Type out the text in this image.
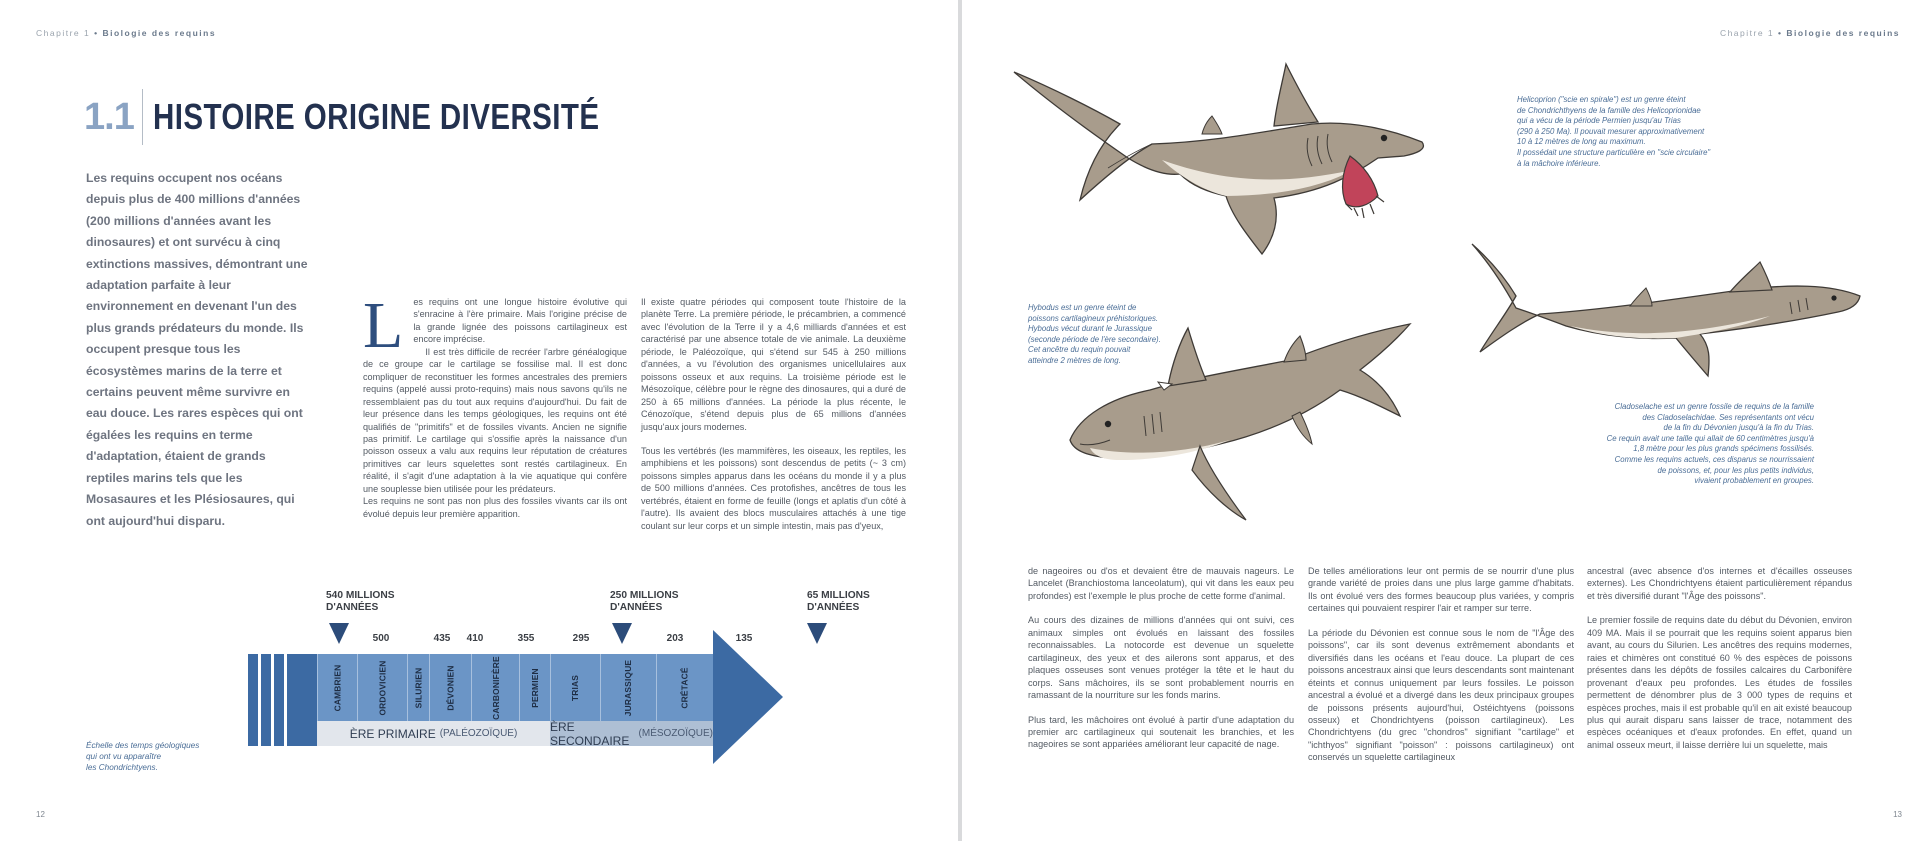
Chapitre 1 • Biologie des requins
1.1 HISTOIRE ORIGINE DIVERSITÉ

Les requins occupent nos océans depuis plus de 400 millions d'années (200 millions d'années avant les dinosaures) et ont survécu à cinq extinctions massives, démontrant une adaptation parfaite à leur environnement en devenant l'un des plus grands prédateurs du monde. Ils occupent presque tous les écosystèmes marins de la terre et certains peuvent même survivre en eau douce. Les rares espèces qui ont égalées les requins en terme d'adaptation, étaient de grands reptiles marins tels que les Mosasaures et les Plésiosaures, qui ont aujourd'hui disparu.

L es requins ont une longue histoire évolutive qui s'enracine à l'ère primaire. Mais l'origine précise de la grande lignée des poissons cartilagineux est encore imprécise.

Il est très difficile de recréer l'arbre généalogique de ce groupe car le cartilage se fossilise mal. Il est donc compliquer de reconstituer les formes ancestrales des premiers requins (appelé aussi proto-requins) mais nous savons qu'ils ne ressemblaient pas du tout aux requins d'aujourd'hui. Du fait de leur présence dans les temps géologiques, les requins ont été qualifiés de "primitifs" et de fossiles vivants. Ancien ne signifie pas primitif. Le cartilage qui s'ossifie après la naissance d'un poisson osseux a valu aux requins leur réputation de créatures primitives car leurs squelettes sont restés cartilagineux. En réalité, il s'agit d'une adaptation à la vie aquatique qui confère une souplesse bien utilisée pour les prédateurs.

Les requins ne sont pas non plus des fossiles vivants car ils ont évolué depuis leur première apparition.

Il existe quatre périodes qui composent toute l'histoire de la planète Terre. La première période, le précambrien, a commencé avec l'évolution de la Terre il y a 4,6 milliards d'années et est caractérisé par une absence totale de vie animale. La deuxième période, le Paléozoïque, qui s'étend sur 545 à 250 millions d'années, a vu l'évolution des organismes unicellulaires aux poissons osseux et aux requins. La troisième période est le Mésozoïque, célèbre pour le règne des dinosaures, qui a duré de 250 à 65 millions d'années. La période la plus récente, le Cénozoïque, s'étend depuis plus de 65 millions d'années jusqu'aux jours modernes.

Tous les vertébrés (les mammifères, les oiseaux, les reptiles, les amphibiens et les poissons) sont descendus de petits (~ 3 cm) poissons simples apparus dans les océans du monde il y a plus de 500 millions d'années. Ces protofishes, ancêtres de tous les vertébrés, étaient en forme de feuille (longs et aplatis d'un côté à l'autre). Ils avaient des blocs musculaires attachés à une tige coulant sur leur corps et un simple intestin, mais pas d'yeux,

540 MILLIONS
D'ANNÉES
250 MILLIONS
D'ANNÉES
65 MILLIONS
D'ANNÉES
500	435 410	355	295	203	135
CAMBRIEN	ORDOVICIEN	SILURIEN	DÉVONIEN	CARBONIFÈRE	PERMIEN	TRIAS	JURASSIQUE	CRÉTACÉ
ÈRE PRIMAIRE (PALÉOZOÏQUE)	ÈRE SECONDAIRE (MÉSOZOÏQUE)
Échelle des temps géologiques
qui ont vu apparaître
les Chondrichtyens.
12
Chapitre 1 • Biologie des requins
Helicoprion ("scie en spirale") est un genre éteint
de Chondrichthyens de la famille des Helicoprionidae
qui a vécu de la période Permien jusqu'au Trias
(290 à 250 Ma). Il pouvait mesurer approximativement
10 à 12 mètres de long au maximum.
Il possédait une structure particulière en "scie circulaire"
à la mâchoire inférieure.
Hybodus est un genre éteint de
poissons cartilagineux préhistoriques.
Hybodus vécut durant le Jurassique
(seconde période de l'ère secondaire).
Cet ancêtre du requin pouvait
atteindre 2 mètres de long.
Cladoselache est un genre fossile de requins de la famille
des Cladoselachidae. Ses représentants ont vécu
de la fin du Dévonien jusqu'à la fin du Trias.
Ce requin avait une taille qui allait de 60 centimètres jusqu'à
1,8 mètre pour les plus grands spécimens fossilisés.
Comme les requins actuels, ces disparus se nourrissaient
de poissons, et, pour les plus petits individus,
vivaient probablement en groupes.

de nageoires ou d'os et devaient être de mauvais nageurs. Le Lancelet (Branchiostoma lanceolatum), qui vit dans les eaux peu profondes) est l'exemple le plus proche de cette forme d'animal.

Au cours des dizaines de millions d'années qui ont suivi, ces animaux simples ont évolués en laissant des fossiles reconnaissables. La notocorde est devenue un squelette cartilagineux, des yeux et des ailerons sont apparus, et des plaques osseuses sont venues protéger la tête et le haut du corps. Sans mâchoires, ils se sont probablement nourris en ramassant de la nourriture sur les fonds marins.

Plus tard, les mâchoires ont évolué à partir d'une adaptation du premier arc cartilagineux qui soutenait les branchies, et les nageoires se sont appariées améliorant leur capacité de nage.

De telles améliorations leur ont permis de se nourrir d'une plus grande variété de proies dans une plus large gamme d'habitats. Ils ont évolué vers des formes beaucoup plus variées, y compris certaines qui pouvaient respirer l'air et ramper sur terre.

La période du Dévonien est connue sous le nom de "l'Âge des poissons", car ils sont devenus extrêmement abondants et diversifiés dans les océans et l'eau douce. La plupart de ces poissons ancestraux ainsi que leurs descendants sont maintenant éteints et connus uniquement par leurs fossiles. Le poisson ancestral a évolué et a divergé dans les deux principaux groupes de poissons présents aujourd'hui, Ostéichtyens (poissons osseux) et Chondrichtyens (poisson cartilagineux). Les Chondrichtyens (du grec "chondros" signifiant "cartilage" et "ichthyos" signifiant "poisson" : poissons cartilagineux) ont conservés un squelette cartilagineux

ancestral (avec absence d'os internes et d'écailles osseuses externes). Les Chondrichtyens étaient particulièrement répandus et très diversifié durant "l'Âge des poissons".

Le premier fossile de requins date du début du Dévonien, environ 409 MA. Mais il se pourrait que les requins soient apparus bien avant, au cours du Silurien. Les ancêtres des requins modernes, raies et chimères ont constitué 60 % des espèces de poissons présentes dans les dépôts de fossiles calcaires du Carbonifère provenant d'eaux peu profondes. Les études de fossiles permettent de dénombrer plus de 3 000 types de requins et espèces proches, mais il est probable qu'il en ait existé beaucoup plus qui aurait disparu sans laisser de trace, notamment des espèces océaniques et d'eaux profondes. En effet, quand un animal osseux meurt, il laisse derrière lui un squelette, mais

13
